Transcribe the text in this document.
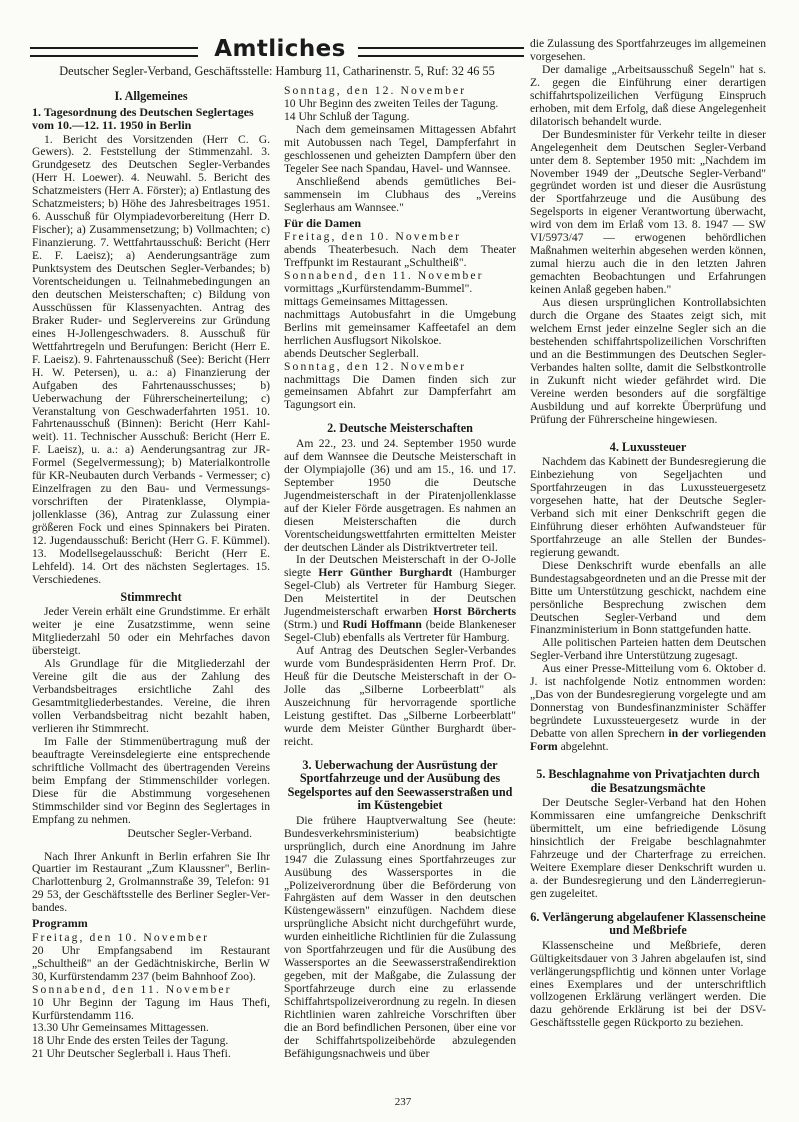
Amtliches
Deutscher Segler-Verband, Geschäftsstelle: Hamburg 11, Catharinenstr. 5, Ruf: 32 46 55
I. Allgemeines
1. Tagesordnung des Deutschen Seglertages vom 10.—12. 11. 1950 in Berlin

1. Bericht des Vorsitzenden (Herr C. G. Gewers). 2. Feststellung der Stimmenzahl. 3. Grundgesetz des Deutschen Segler-Verbandes (Herr H. Loewer). 4. Neuwahl. 5. Bericht des Schatzmeisters (Herr A. Förster); a) Entlastung des Schatzmeisters; b) Höhe des Jahresbeitrages 1951. 6. Ausschuß für Olympiadevorbereitung (Herr D. Fischer); a) Zusammensetzung; b) Vollmachten; c) Finanzierung. 7. Wettfahrtausschuß: Bericht (Herr E. F. Laeisz); a) Aenderungsanträge zum Punktsystem des Deutschen Segler-Verbandes; b) Vorentscheidungen u. Teilnahmebedingungen an den deutschen Meisterschaften; c) Bildung von Ausschüssen für Klassenyachten. Antrag des Braker Ruder- und Seglervereins zur Gründung eines H-Jollengeschwaders. 8. Ausschuß für Wettfahrtregeln und Berufungen: Bericht (Herr E. F. Laeisz). 9. Fahrtenausschuß (See): Bericht (Herr H. W. Petersen), u. a.: a) Finanzierung der Aufgaben des Fahrtenausschusses; b) Ueberwachung der Führerscheinerteilung; c) Veranstaltung von Geschwaderfahrten 1951. 10. Fahrtenausschuß (Binnen): Bericht (Herr Kahlweit). 11. Technischer Ausschuß: Bericht (Herr E. F. Laeisz), u. a.: a) Aenderungsantrag zur JR-Formel (Segelvermessung); b) Materialkontrolle für KR-Neubauten durch Verbands - Vermesser; c) Einzelfragen zu den Bau- und Vermessungsvorschriften der Piratenklasse, Olympiajollenklasse (36), Antrag zur Zulassung einer größeren Fock und eines Spinnakers bei Piraten. 12. Jugendausschuß: Bericht (Herr G. F. Kümmel). 13. Modellsegelausschuß: Bericht (Herr E. Lehfeld). 14. Ort des nächsten Seglertages. 15. Verschiedenes.

Stimmrecht

Jeder Verein erhält eine Grundstimme. Er erhält weiter je eine Zusatzstimme, wenn seine Mitgliederzahl 50 oder ein Mehrfaches davon übersteigt.

Als Grundlage für die Mitgliederzahl der Vereine gilt die aus der Zahlung des Verbandsbeitrages ersichtliche Zahl des Gesamtmitgliederbestandes. Vereine, die ihren vollen Verbandsbeitrag nicht bezahlt haben, verlieren ihr Stimmrecht.

Im Falle der Stimmenübertragung muß der beauftragte Vereinsdelegierte eine entsprechende schriftliche Vollmacht des übertragenden Vereins beim Empfang der Stimmenschilder vorlegen. Diese für die Abstimmung vorgesehenen Stimmschilder sind vor Beginn des Seglertages in Empfang zu nehmen.

Deutscher Segler-Verband.

Nach Ihrer Ankunft in Berlin erfahren Sie Ihr Quartier im Restaurant „Zum Klaussner", Berlin-Charlottenburg 2, Grolmannstraße 39, Telefon: 91 29 53, der Geschäftsstelle des Berliner Segler-Verbandes.

Programm

Freitag, den 10. November

20 Uhr Empfangsabend im Restaurant „Schultheiß" an der Gedächtniskirche, Berlin W 30, Kurfürstendamm 237 (beim Bahnhoof Zoo).

Sonnabend, den 11. November

10 Uhr Beginn der Tagung im Haus Thefi, Kurfürstendamm 116.

13.30 Uhr Gemeinsames Mittagessen.

18 Uhr Ende des ersten Teiles der Tagung.

21 Uhr Deutscher Seglerball i. Haus Thefi.

Sonntag, den 12. November

10 Uhr Beginn des zweiten Teiles der Tagung.

14 Uhr Schluß der Tagung.

Nach dem gemeinsamen Mittagessen Abfahrt mit Autobussen nach Tegel, Dampferfahrt in geschlossenen und geheizten Dampfern über den Tegeler See nach Spandau, Havel- und Wannsee.

Anschließend abends gemütliches Beisammensein im Clubhaus des „Vereins Seglerhaus am Wannsee."

Für die Damen

Freitag, den 10. November

abends Theaterbesuch. Nach dem Theater Treffpunkt im Restaurant „Schultheiß".

Sonnabend, den 11. November

vormittags „Kurfürstendamm-Bummel".

mittags Gemeinsames Mittagessen.

nachmittags Autobusfahrt in die Umgebung Berlins mit gemeinsamer Kaffeetafel an dem herrlichen Ausflugsort Nikolskoe.

abends Deutscher Seglerball.

Sonntag, den 12. November

nachmittags Die Damen finden sich zur gemeinsamen Abfahrt zur Dampferfahrt am Tagungsort ein.

2. Deutsche Meisterschaften

Am 22., 23. und 24. September 1950 wurde auf dem Wannsee die Deutsche Meisterschaft in der Olympiajolle (36) und am 15., 16. und 17. September 1950 die Deutsche Jugendmeisterschaft in der Piratenjollenklasse auf der Kieler Förde ausgetragen. Es nahmen an diesen Meisterschaften die durch Vorentscheidungswettfahrten ermittelten Meister der deutschen Länder als Distriktvertreter teil.

In der Deutschen Meisterschaft in der O-Jolle siegte Herr Günther Burghardt (Hamburger Segel-Club) als Vertreter für Hamburg Sieger. Den Meistertitel in der Deutschen Jugendmeisterschaft erwarben Horst Börcherts (Strm.) und Rudi Hoffmann (beide Blankeneser Segel-Club) ebenfalls als Vertreter für Hamburg.

Auf Antrag des Deutschen Segler-Verbandes wurde vom Bundespräsidenten Herrn Prof. Dr. Heuß für die Deutsche Meisterschaft in der O-Jolle das „Silberne Lorbeerblatt" als Auszeichnung für hervorragende sportliche Leistung gestiftet. Das „Silberne Lorbeerblatt" wurde dem Meister Günther Burghardt überreicht.

3. Ueberwachung der Ausrüstung der Sportfahrzeuge und der Ausübung des Segelsportes auf den Seewasserstraßen und im Küstengebiet

Die frühere Hauptverwaltung See (heute: Bundesverkehrsministerium) beabsichtigte ursprünglich, durch eine Anordnung im Jahre 1947 die Zulassung eines Sportfahrzeuges zur Ausübung des Wassersportes in die „Polizeiverordnung über die Beförderung von Fahrgästen auf dem Wasser in den deutschen Küstengewässern" einzufügen. Nachdem diese ursprüngliche Absicht nicht durchgeführt wurde, wurden einheitliche Richtlinien für die Zulassung von Sportfahrzeugen und für die Ausübung des Wassersportes an die Seewasserstraßendirektion gegeben, mit der Maßgabe, die Zulassung der Sportfahrzeuge durch eine zu erlassende Schiffahrtspolizeiverordnung zu regeln. In diesen Richtlinien waren zahlreiche Vorschriften über die an Bord befindlichen Personen, über eine vor der Schiffahrtspolizeibehörde abzulegenden Befähigungsnachweis und über

die Zulassung des Sportfahrzeuges im allgemeinen vorgesehen.

Der damalige „Arbeitsausschuß Segeln" hat s. Z. gegen die Einführung einer derartigen schiffahrtspolizeilichen Verfügung Einspruch erhoben, mit dem Erfolg, daß diese Angelegenheit dilatorisch behandelt wurde.

Der Bundesminister für Verkehr teilte in dieser Angelegenheit dem Deutschen Segler-Verband unter dem 8. September 1950 mit: „Nachdem im November 1949 der „Deutsche Segler-Verband" gegründet worden ist und dieser die Ausrüstung der Sportfahrzeuge und die Ausübung des Segelsports in eigener Verantwortung überwacht, wird von dem im Erlaß vom 13. 8. 1947 — SW VI/5973/47 — erwogenen behördlichen Maßnahmen weiterhin abgesehen werden können, zumal hierzu auch die in den letzten Jahren gemachten Beobachtungen und Erfahrungen keinen Anlaß gegeben haben."

Aus diesen ursprünglichen Kontrollabsichten durch die Organe des Staates zeigt sich, mit welchem Ernst jeder einzelne Segler sich an die bestehenden schiffahrtspolizeilichen Vorschriften und an die Bestimmungen des Deutschen Segler-Verbandes halten sollte, damit die Selbstkontrolle in Zukunft nicht wieder gefährdet wird. Die Vereine werden besonders auf die sorgfältige Ausbildung und auf korrekte Überprüfung und Prüfung der Führerscheine hingewiesen.

4. Luxussteuer

Nachdem das Kabinett der Bundesregierung die Einbeziehung von Segeljachten und Sportfahrzeugen in das Luxussteuergesetz vorgesehen hatte, hat der Deutsche Segler-Verband sich mit einer Denkschrift gegen die Einführung dieser erhöhten Aufwandsteuer für Sportfahrzeuge an alle Stellen der Bundesregierung gewandt.

Diese Denkschrift wurde ebenfalls an alle Bundestagsabgeordneten und an die Presse mit der Bitte um Unterstützung geschickt, nachdem eine persönliche Besprechung zwischen dem Deutschen Segler-Verband und dem Finanzministerium in Bonn stattgefunden hatte.

Alle politischen Parteien hatten dem Deutschen Segler-Verband ihre Unterstützung zugesagt.

Aus einer Presse-Mitteilung vom 6. Oktober d. J. ist nachfolgende Notiz entnommen worden: „Das von der Bundesregierung vorgelegte und am Donnerstag von Bundesfinanzminister Schäffer begründete Luxussteuergesetz wurde in der Debatte von allen Sprechern in der vorliegenden Form abgelehnt.

5. Beschlagnahme von Privatjachten durch die Besatzungsmächte

Der Deutsche Segler-Verband hat den Hohen Kommissaren eine umfangreiche Denkschrift übermittelt, um eine befriedigende Lösung hinsichtlich der Freigabe beschlagnahmter Fahrzeuge und der Charterfrage zu erreichen. Weitere Exemplare dieser Denkschrift wurden u. a. der Bundesregierung und den Länderregierungen zugeleitet.

6. Verlängerung abgelaufener Klassenscheine und Meßbriefe

Klassenscheine und Meßbriefe, deren Gültigkeitsdauer von 3 Jahren abgelaufen ist, sind verlängerungspflichtig und können unter Vorlage eines Exemplares und der unterschriftlich vollzogenen Erklärung verlängert werden. Die dazu gehörende Erklärung ist bei der DSV-Geschäftsstelle gegen Rückporto zu beziehen.

237
